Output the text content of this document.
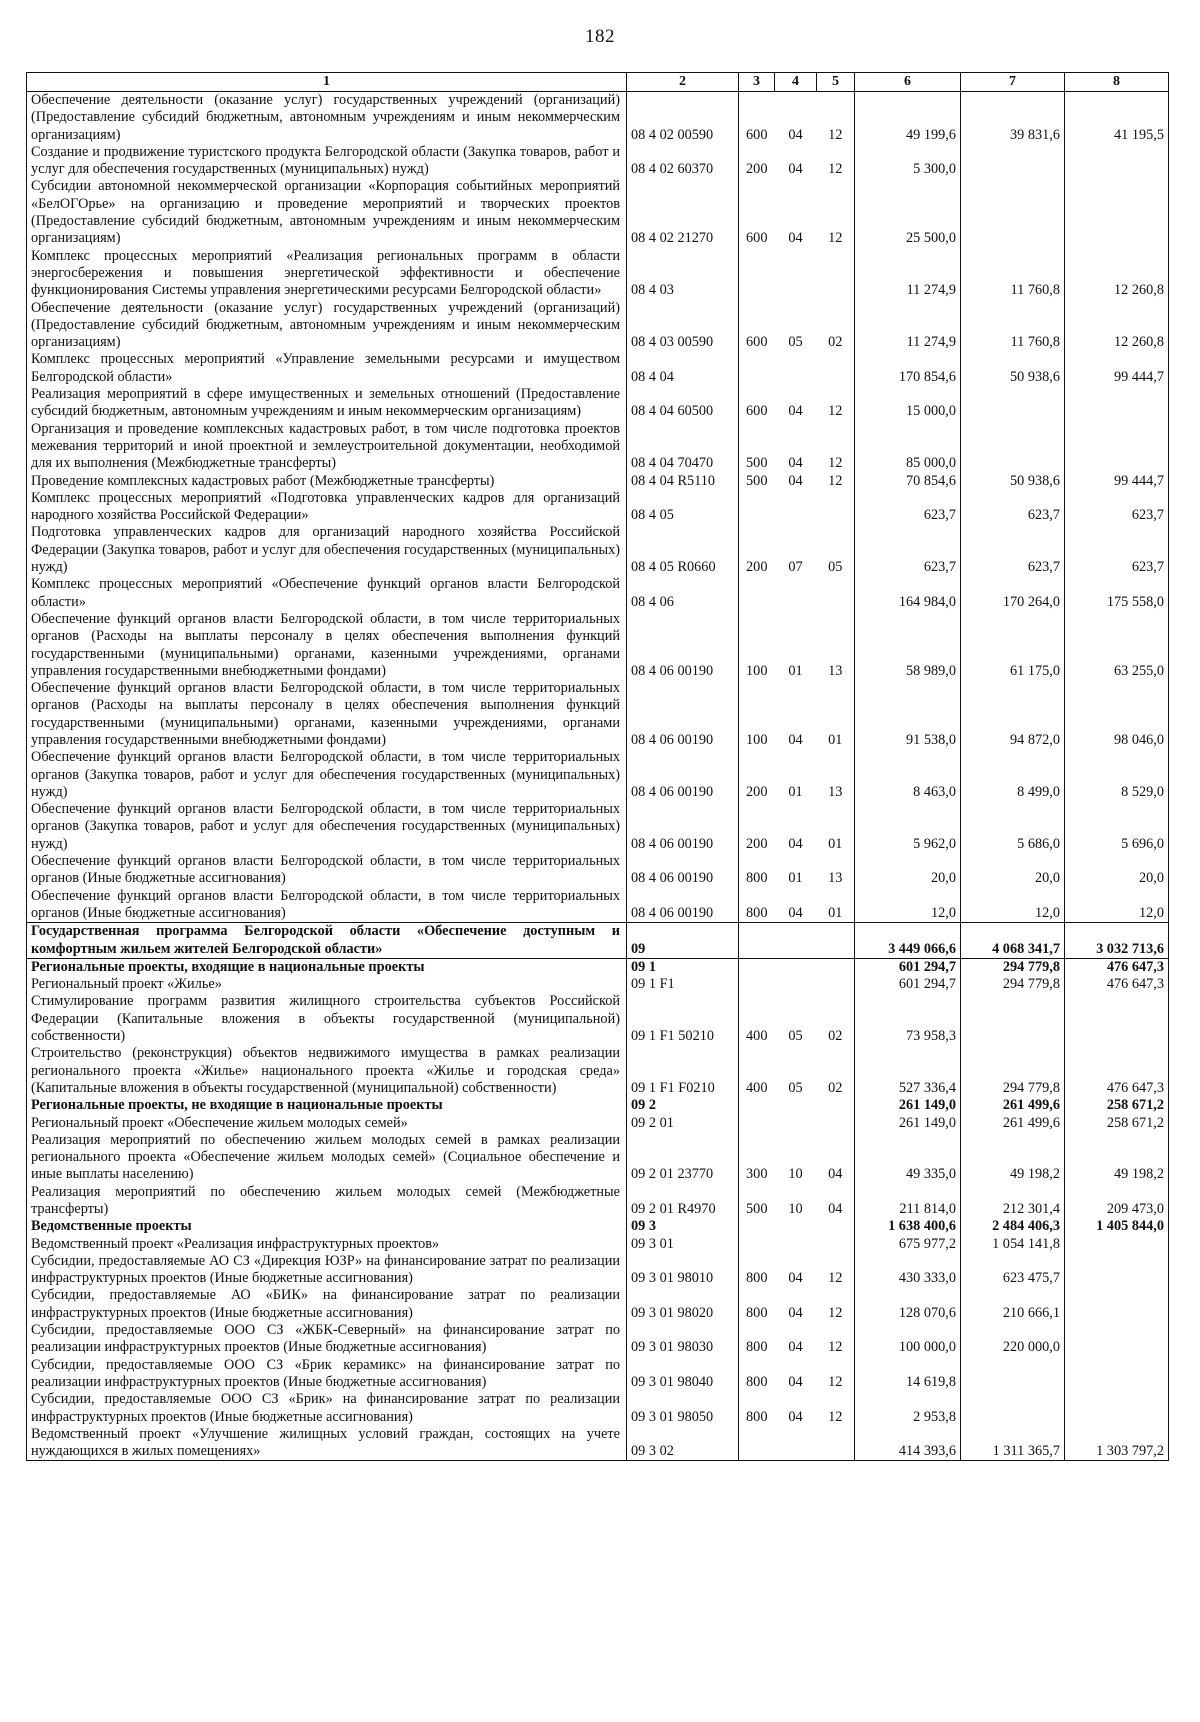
182
1	2	3	4	5	6	7	8
Обеспечение деятельности (оказание услуг) государственных учреждений (организаций) (Предоставление субсидий бюджетным, автономным учреждениям и иным некоммерческим организациям)	08 4 02 00590	600	04	12	49 199,6	39 831,6	41 195,5
Создание и продвижение туристского продукта Белгородской области (Закупка товаров, работ и услуг для обеспечения государственных (муниципальных) нужд)	08 4 02 60370	200	04	12	5 300,0		
Субсидии автономной некоммерческой организации «Корпорация событийных мероприятий «БелОГОрье» на организацию и проведение мероприятий и творческих проектов (Предоставление субсидий бюджетным, автономным учреждениям и иным некоммерческим организациям)	08 4 02 21270	600	04	12	25 500,0		
Комплекс процессных мероприятий «Реализация региональных программ в области энергосбережения и повышения энергетической эффективности и обеспечение функционирования Системы управления энергетическими ресурсами Белгородской области»	08 4 03				11 274,9	11 760,8	12 260,8
Обеспечение деятельности (оказание услуг) государственных учреждений (организаций) (Предоставление субсидий бюджетным, автономным учреждениям и иным некоммерческим организациям)	08 4 03 00590	600	05	02	11 274,9	11 760,8	12 260,8
Комплекс процессных мероприятий «Управление земельными ресурсами и имуществом Белгородской области»	08 4 04				170 854,6	50 938,6	99 444,7
Реализация мероприятий в сфере имущественных и земельных отношений (Предоставление субсидий бюджетным, автономным учреждениям и иным некоммерческим организациям)	08 4 04 60500	600	04	12	15 000,0		
Организация и проведение комплексных кадастровых работ, в том числе подготовка проектов межевания территорий и иной проектной и землеустроительной документации, необходимой для их выполнения (Межбюджетные трансферты)	08 4 04 70470	500	04	12	85 000,0		
Проведение комплексных кадастровых работ (Межбюджетные трансферты)	08 4 04 R5110	500	04	12	70 854,6	50 938,6	99 444,7
Комплекс процессных мероприятий «Подготовка управленческих кадров для организаций народного хозяйства Российской Федерации»	08 4 05				623,7	623,7	623,7
Подготовка управленческих кадров для организаций народного хозяйства Российской Федерации (Закупка товаров, работ и услуг для обеспечения государственных (муниципальных) нужд)	08 4 05 R0660	200	07	05	623,7	623,7	623,7
Комплекс процессных мероприятий «Обеспечение функций органов власти Белгородской области»	08 4 06				164 984,0	170 264,0	175 558,0
Обеспечение функций органов власти Белгородской области, в том числе территориальных органов (Расходы на выплаты персоналу в целях обеспечения выполнения функций государственными (муниципальными) органами, казенными учреждениями, органами управления государственными внебюджетными фондами)	08 4 06 00190	100	01	13	58 989,0	61 175,0	63 255,0
Обеспечение функций органов власти Белгородской области, в том числе территориальных органов (Расходы на выплаты персоналу в целях обеспечения выполнения функций государственными (муниципальными) органами, казенными учреждениями, органами управления государственными внебюджетными фондами)	08 4 06 00190	100	04	01	91 538,0	94 872,0	98 046,0
Обеспечение функций органов власти Белгородской области, в том числе территориальных органов (Закупка товаров, работ и услуг для обеспечения государственных (муниципальных) нужд)	08 4 06 00190	200	01	13	8 463,0	8 499,0	8 529,0
Обеспечение функций органов власти Белгородской области, в том числе территориальных органов (Закупка товаров, работ и услуг для обеспечения государственных (муниципальных) нужд)	08 4 06 00190	200	04	01	5 962,0	5 686,0	5 696,0
Обеспечение функций органов власти Белгородской области, в том числе территориальных органов (Иные бюджетные ассигнования)	08 4 06 00190	800	01	13	20,0	20,0	20,0
Обеспечение функций органов власти Белгородской области, в том числе территориальных органов (Иные бюджетные ассигнования)	08 4 06 00190	800	04	01	12,0	12,0	12,0
Государственная программа Белгородской области «Обеспечение доступным и комфортным жильем жителей Белгородской области»	09				3 449 066,6	4 068 341,7	3 032 713,6
Региональные проекты, входящие в национальные проекты	09 1				601 294,7	294 779,8	476 647,3
Региональный проект «Жилье»	09 1 F1				601 294,7	294 779,8	476 647,3
Стимулирование программ развития жилищного строительства субъектов Российской Федерации (Капитальные вложения в объекты государственной (муниципальной) собственности)	09 1 F1 50210	400	05	02	73 958,3		
Строительство (реконструкция) объектов недвижимого имущества в рамках реализации регионального проекта «Жилье» национального проекта «Жилье и городская среда» (Капитальные вложения в объекты государственной (муниципальной) собственности)	09 1 F1 F0210	400	05	02	527 336,4	294 779,8	476 647,3
Региональные проекты, не входящие в национальные проекты	09 2				261 149,0	261 499,6	258 671,2
Региональный проект «Обеспечение жильем молодых семей»	09 2 01				261 149,0	261 499,6	258 671,2
Реализация мероприятий по обеспечению жильем молодых семей в рамках реализации регионального проекта «Обеспечение жильем молодых семей» (Социальное обеспечение и иные выплаты населению)	09 2 01 23770	300	10	04	49 335,0	49 198,2	49 198,2
Реализация мероприятий по обеспечению жильем молодых семей (Межбюджетные трансферты)	09 2 01 R4970	500	10	04	211 814,0	212 301,4	209 473,0
Ведомственные проекты	09 3				1 638 400,6	2 484 406,3	1 405 844,0
Ведомственный проект «Реализация инфраструктурных проектов»	09 3 01				675 977,2	1 054 141,8	
Субсидии, предоставляемые АО СЗ «Дирекция ЮЗР» на финансирование затрат по реализации инфраструктурных проектов (Иные бюджетные ассигнования)	09 3 01 98010	800	04	12	430 333,0	623 475,7	
Субсидии, предоставляемые АО «БИК» на финансирование затрат по реализации инфраструктурных проектов (Иные бюджетные ассигнования)	09 3 01 98020	800	04	12	128 070,6	210 666,1	
Субсидии, предоставляемые ООО СЗ «ЖБК-Северный» на финансирование затрат по реализации инфраструктурных проектов (Иные бюджетные ассигнования)	09 3 01 98030	800	04	12	100 000,0	220 000,0	
Субсидии, предоставляемые ООО СЗ «Брик керамикс» на финансирование затрат по реализации инфраструктурных проектов (Иные бюджетные ассигнования)	09 3 01 98040	800	04	12	14 619,8		
Субсидии, предоставляемые ООО СЗ «Брик» на финансирование затрат по реализации инфраструктурных проектов (Иные бюджетные ассигнования)	09 3 01 98050	800	04	12	2 953,8		
Ведомственный проект «Улучшение жилищных условий граждан, состоящих на учете нуждающихся в жилых помещениях»	09 3 02				414 393,6	1 311 365,7	1 303 797,2
